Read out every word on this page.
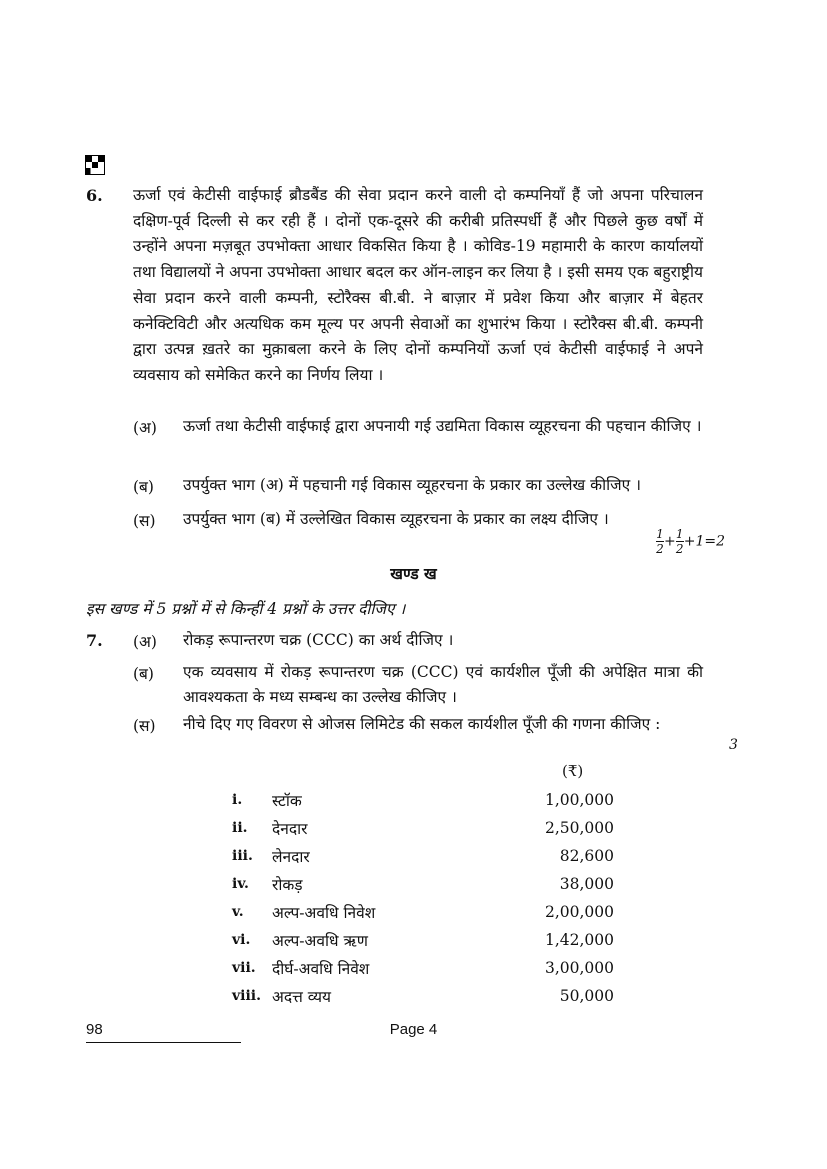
6. ऊर्जा एवं केटीसी वाईफाई ब्रौडबैंड की सेवा प्रदान करने वाली दो कम्पनियाँ हैं जो अपना परिचालन दक्षिण-पूर्व दिल्ली से कर रही हैं । दोनों एक-दूसरे की करीबी प्रतिस्पर्धी हैं और पिछले कुछ वर्षों में उन्होंने अपना मज़बूत उपभोक्ता आधार विकसित किया है । कोविड-19 महामारी के कारण कार्यालयों तथा विद्यालयों ने अपना उपभोक्ता आधार बदल कर ऑन-लाइन कर लिया है । इसी समय एक बहुराष्ट्रीय सेवा प्रदान करने वाली कम्पनी, स्टोरैक्स बी.बी. ने बाज़ार में प्रवेश किया और बाज़ार में बेहतर कनेक्टिविटी और अत्यधिक कम मूल्य पर अपनी सेवाओं का शुभारंभ किया । स्टोरैक्स बी.बी. कम्पनी द्वारा उत्पन्न ख़तरे का मुक़ाबला करने के लिए दोनों कम्पनियों ऊर्जा एवं केटीसी वाईफाई ने अपने व्यवसाय को समेकित करने का निर्णय लिया ।
(अ) ऊर्जा तथा केटीसी वाईफाई द्वारा अपनायी गई उद्यमिता विकास व्यूहरचना की पहचान कीजिए ।
(ब) उपर्युक्त भाग (अ) में पहचानी गई विकास व्यूहरचना के प्रकार का उल्लेख कीजिए ।
(स) उपर्युक्त भाग (ब) में उल्लेखित विकास व्यूहरचना के प्रकार का लक्ष्य दीजिए ।
$\frac{1}{2} + \frac{1}{2} +1=2$
खण्ड ख
इस खण्ड में 5 प्रश्नों में से किन्हीं 4 प्रश्नों के उत्तर दीजिए ।
7. (अ) रोकड़ रूपान्तरण चक्र (CCC) का अर्थ दीजिए ।
(ब) एक व्यवसाय में रोकड़ रूपान्तरण चक्र (CCC) एवं कार्यशील पूँजी की अपेक्षित मात्रा की आवश्यकता के मध्य सम्बन्ध का उल्लेख कीजिए ।
(स) नीचे दिए गए विवरण से ओजस लिमिटेड की सकल कार्यशील पूँजी की गणना कीजिए :
3
(₹)
i.	स्टॉक	1,00,000
ii.	देनदार	2,50,000
iii.	लेनदार	82,600
iv.	रोकड़	38,000
v.	अल्प-अवधि निवेश	2,00,000
vi.	अल्प-अवधि ऋण	1,42,000
vii.	दीर्घ-अवधि निवेश	3,00,000
viii.	अदत्त व्यय	50,000
98	Page 4
